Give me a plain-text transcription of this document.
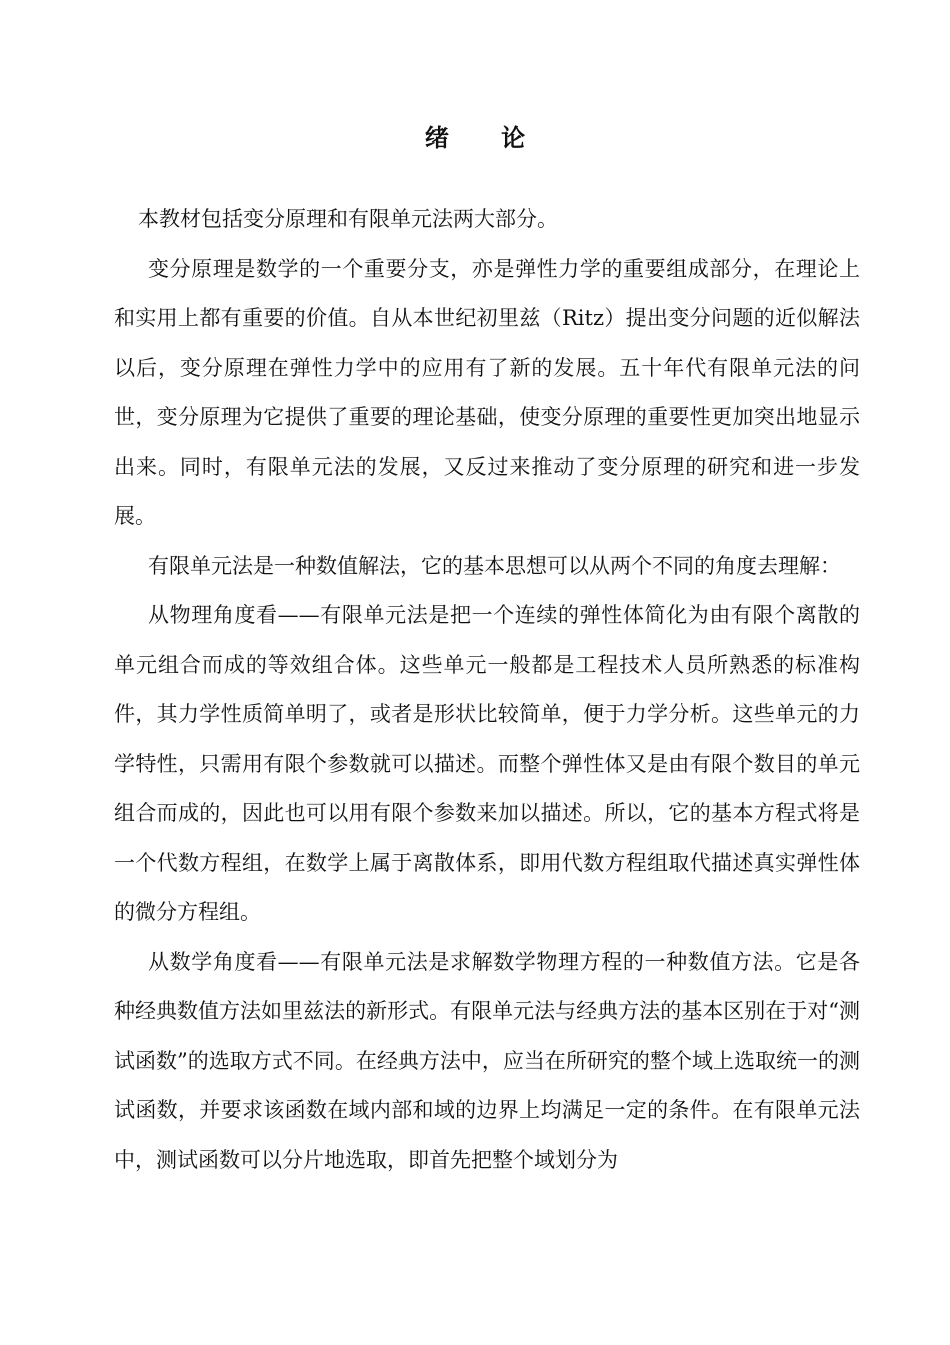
绪 论

本教材包括变分原理和有限单元法两大部分。

变分原理是数学的一个重要分支，亦是弹性力学的重要组成部分，在理论上和实用上都有重要的价值。自从本世纪初里兹（Ritz）提出变分问题的近似解法以后，变分原理在弹性力学中的应用有了新的发展。五十年代有限单元法的问世，变分原理为它提供了重要的理论基础，使变分原理的重要性更加突出地显示出来。同时，有限单元法的发展，又反过来推动了变分原理的研究和进一步发展。

有限单元法是一种数值解法，它的基本思想可以从两个不同的角度去理解：

从物理角度看——有限单元法是把一个连续的弹性体简化为由有限个离散的单元组合而成的等效组合体。这些单元一般都是工程技术人员所熟悉的标准构件，其力学性质简单明了，或者是形状比较简单，便于力学分析。这些单元的力学特性，只需用有限个参数就可以描述。而整个弹性体又是由有限个数目的单元组合而成的，因此也可以用有限个参数来加以描述。所以，它的基本方程式将是一个代数方程组，在数学上属于离散体系，即用代数方程组取代描述真实弹性体的微分方程组。

从数学角度看——有限单元法是求解数学物理方程的一种数值方法。它是各种经典数值方法如里兹法的新形式。有限单元法与经典方法的基本区别在于对“测试函数”的选取方式不同。在经典方法中，应当在所研究的整个域上选取统一的测试函数，并要求该函数在域内部和域的边界上均满足一定的条件。在有限单元法中，测试函数可以分片地选取，即首先把整个域划分为
